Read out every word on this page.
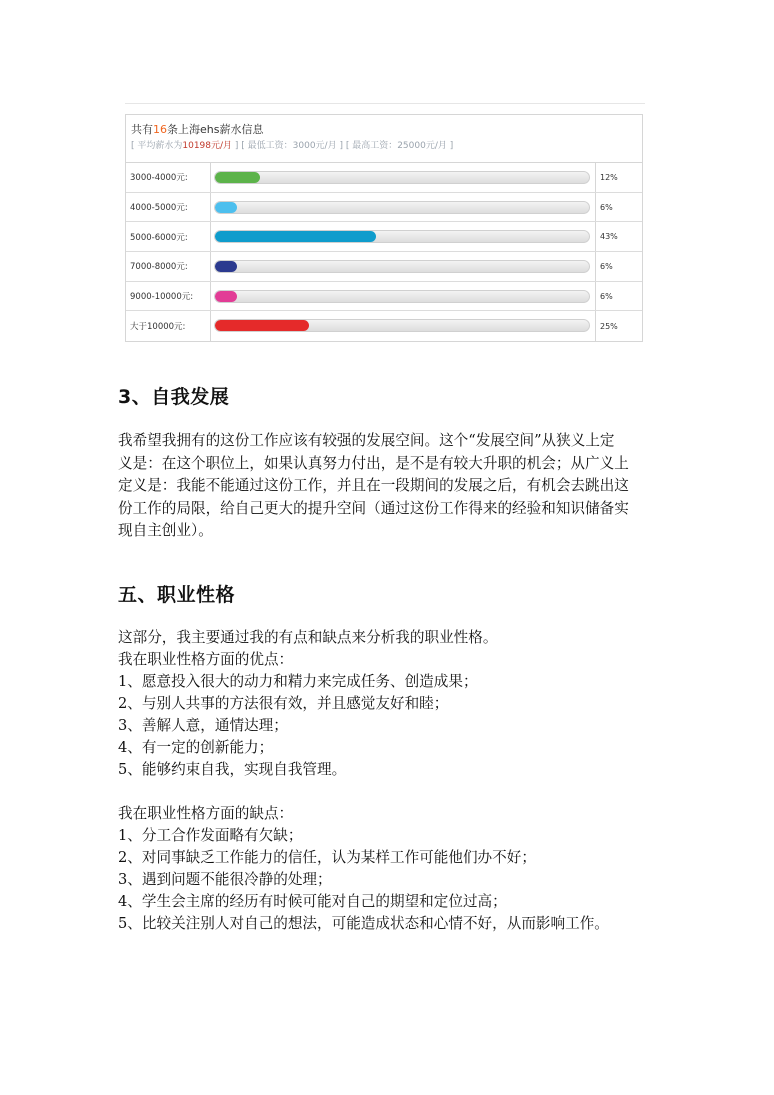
共有16条上海ehs薪水信息
[ 平均薪水为10198元/月 ] [ 最低工资：3000元/月 ] [ 最高工资：25000元/月 ]
3000-4000元:	12%
4000-5000元:	6%
5000-6000元:	43%
7000-8000元:	6%
9000-10000元:	6%
大于10000元:	25%
3、自我发展
我希望我拥有的这份工作应该有较强的发展空间。这个“发展空间”从狭义上定
义是：在这个职位上，如果认真努力付出，是不是有较大升职的机会；从广义上
定义是：我能不能通过这份工作，并且在一段期间的发展之后，有机会去跳出这
份工作的局限，给自己更大的提升空间（通过这份工作得来的经验和知识储备实
现自主创业）。
五、职业性格
这部分，我主要通过我的有点和缺点来分析我的职业性格。
我在职业性格方面的优点：
1、愿意投入很大的动力和精力来完成任务、创造成果；
2、与别人共事的方法很有效，并且感觉友好和睦；
3、善解人意，通情达理；
4、有一定的创新能力；
5、能够约束自我，实现自我管理。
我在职业性格方面的缺点：
1、分工合作发面略有欠缺；
2、对同事缺乏工作能力的信任，认为某样工作可能他们办不好；
3、遇到问题不能很冷静的处理；
4、学生会主席的经历有时候可能对自己的期望和定位过高；
5、比较关注别人对自己的想法，可能造成状态和心情不好，从而影响工作。
